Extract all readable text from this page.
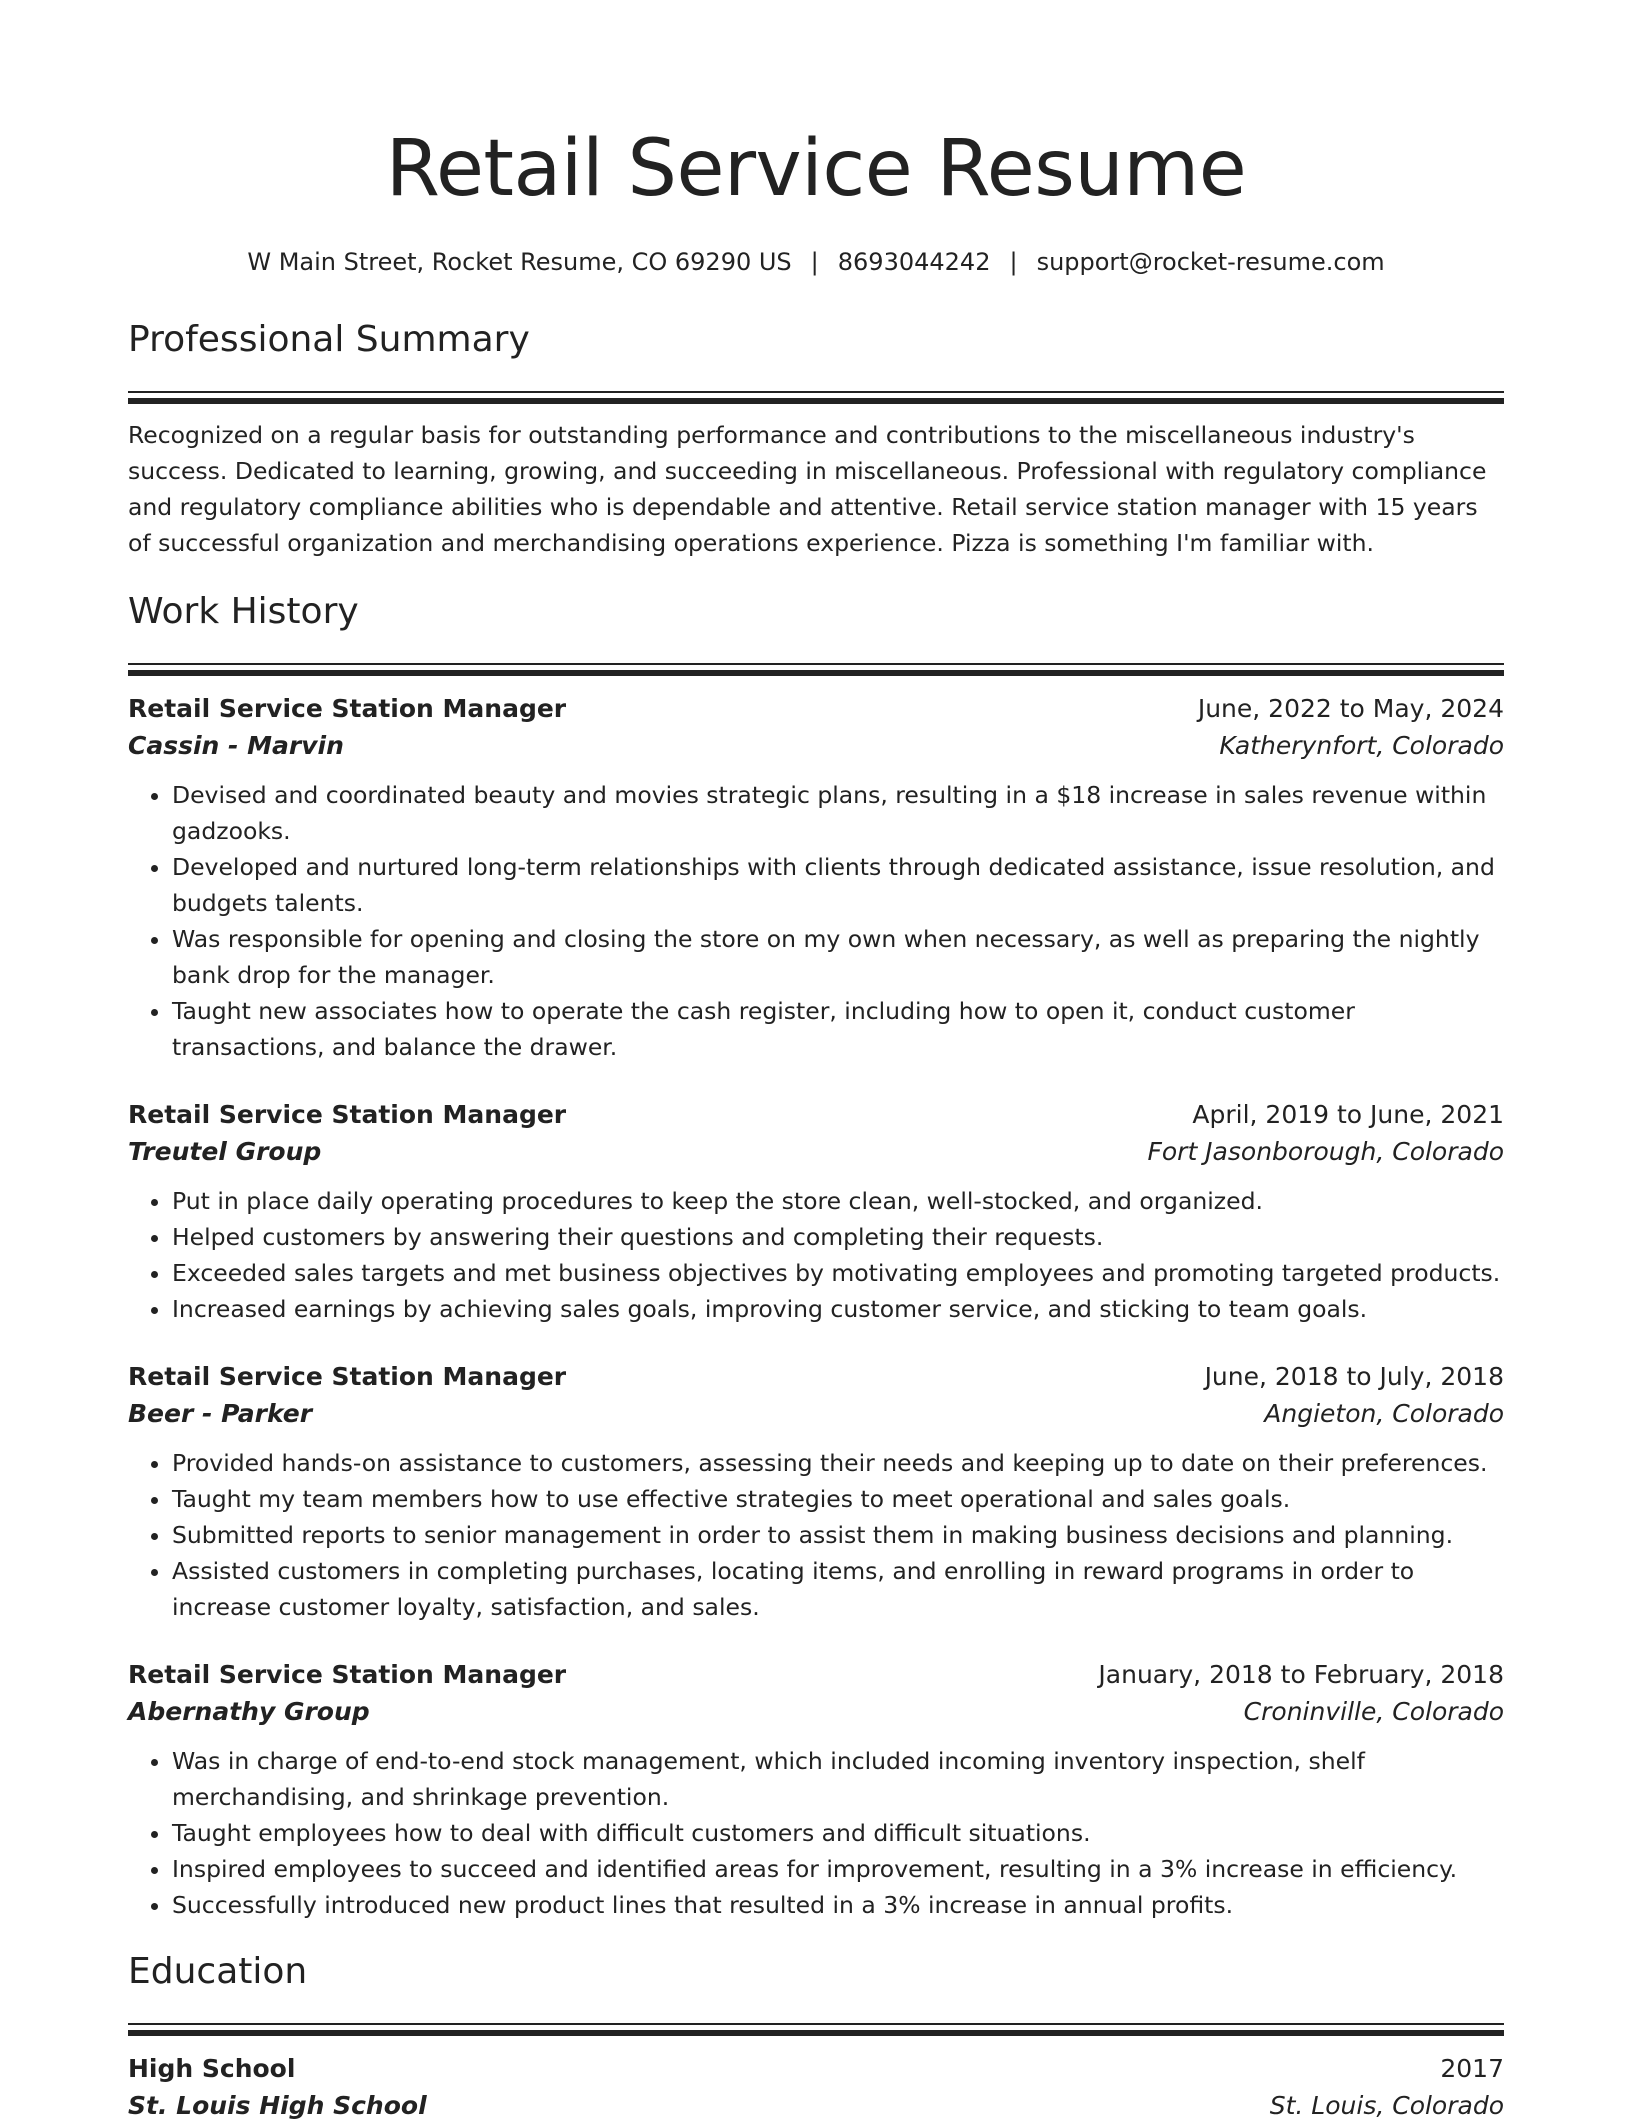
Retail Service Resume
W Main Street, Rocket Resume, CO 69290 US | 8693044242 | support@rocket-resume.com
Professional Summary
Recognized on a regular basis for outstanding performance and contributions to the miscellaneous industry's success. Dedicated to learning, growing, and succeeding in miscellaneous. Professional with regulatory compliance and regulatory compliance abilities who is dependable and attentive. Retail service station manager with 15 years of successful organization and merchandising operations experience. Pizza is something I'm familiar with.
Work History
Retail Service Station Manager	June, 2022 to May, 2024
Cassin - Marvin	Katherynfort, Colorado
• Devised and coordinated beauty and movies strategic plans, resulting in a $18 increase in sales revenue within gadzooks.
• Developed and nurtured long-term relationships with clients through dedicated assistance, issue resolution, and budgets talents.
• Was responsible for opening and closing the store on my own when necessary, as well as preparing the nightly bank drop for the manager.
• Taught new associates how to operate the cash register, including how to open it, conduct customer transactions, and balance the drawer.
Retail Service Station Manager	April, 2019 to June, 2021
Treutel Group	Fort Jasonborough, Colorado
• Put in place daily operating procedures to keep the store clean, well-stocked, and organized.
• Helped customers by answering their questions and completing their requests.
• Exceeded sales targets and met business objectives by motivating employees and promoting targeted products.
• Increased earnings by achieving sales goals, improving customer service, and sticking to team goals.
Retail Service Station Manager	June, 2018 to July, 2018
Beer - Parker	Angieton, Colorado
• Provided hands-on assistance to customers, assessing their needs and keeping up to date on their preferences.
• Taught my team members how to use effective strategies to meet operational and sales goals.
• Submitted reports to senior management in order to assist them in making business decisions and planning.
• Assisted customers in completing purchases, locating items, and enrolling in reward programs in order to increase customer loyalty, satisfaction, and sales.
Retail Service Station Manager	January, 2018 to February, 2018
Abernathy Group	Croninville, Colorado
• Was in charge of end-to-end stock management, which included incoming inventory inspection, shelf merchandising, and shrinkage prevention.
• Taught employees how to deal with difficult customers and difficult situations.
• Inspired employees to succeed and identified areas for improvement, resulting in a 3% increase in efficiency.
• Successfully introduced new product lines that resulted in a 3% increase in annual profits.
Education
High School	2017
St. Louis High School	St. Louis, Colorado
